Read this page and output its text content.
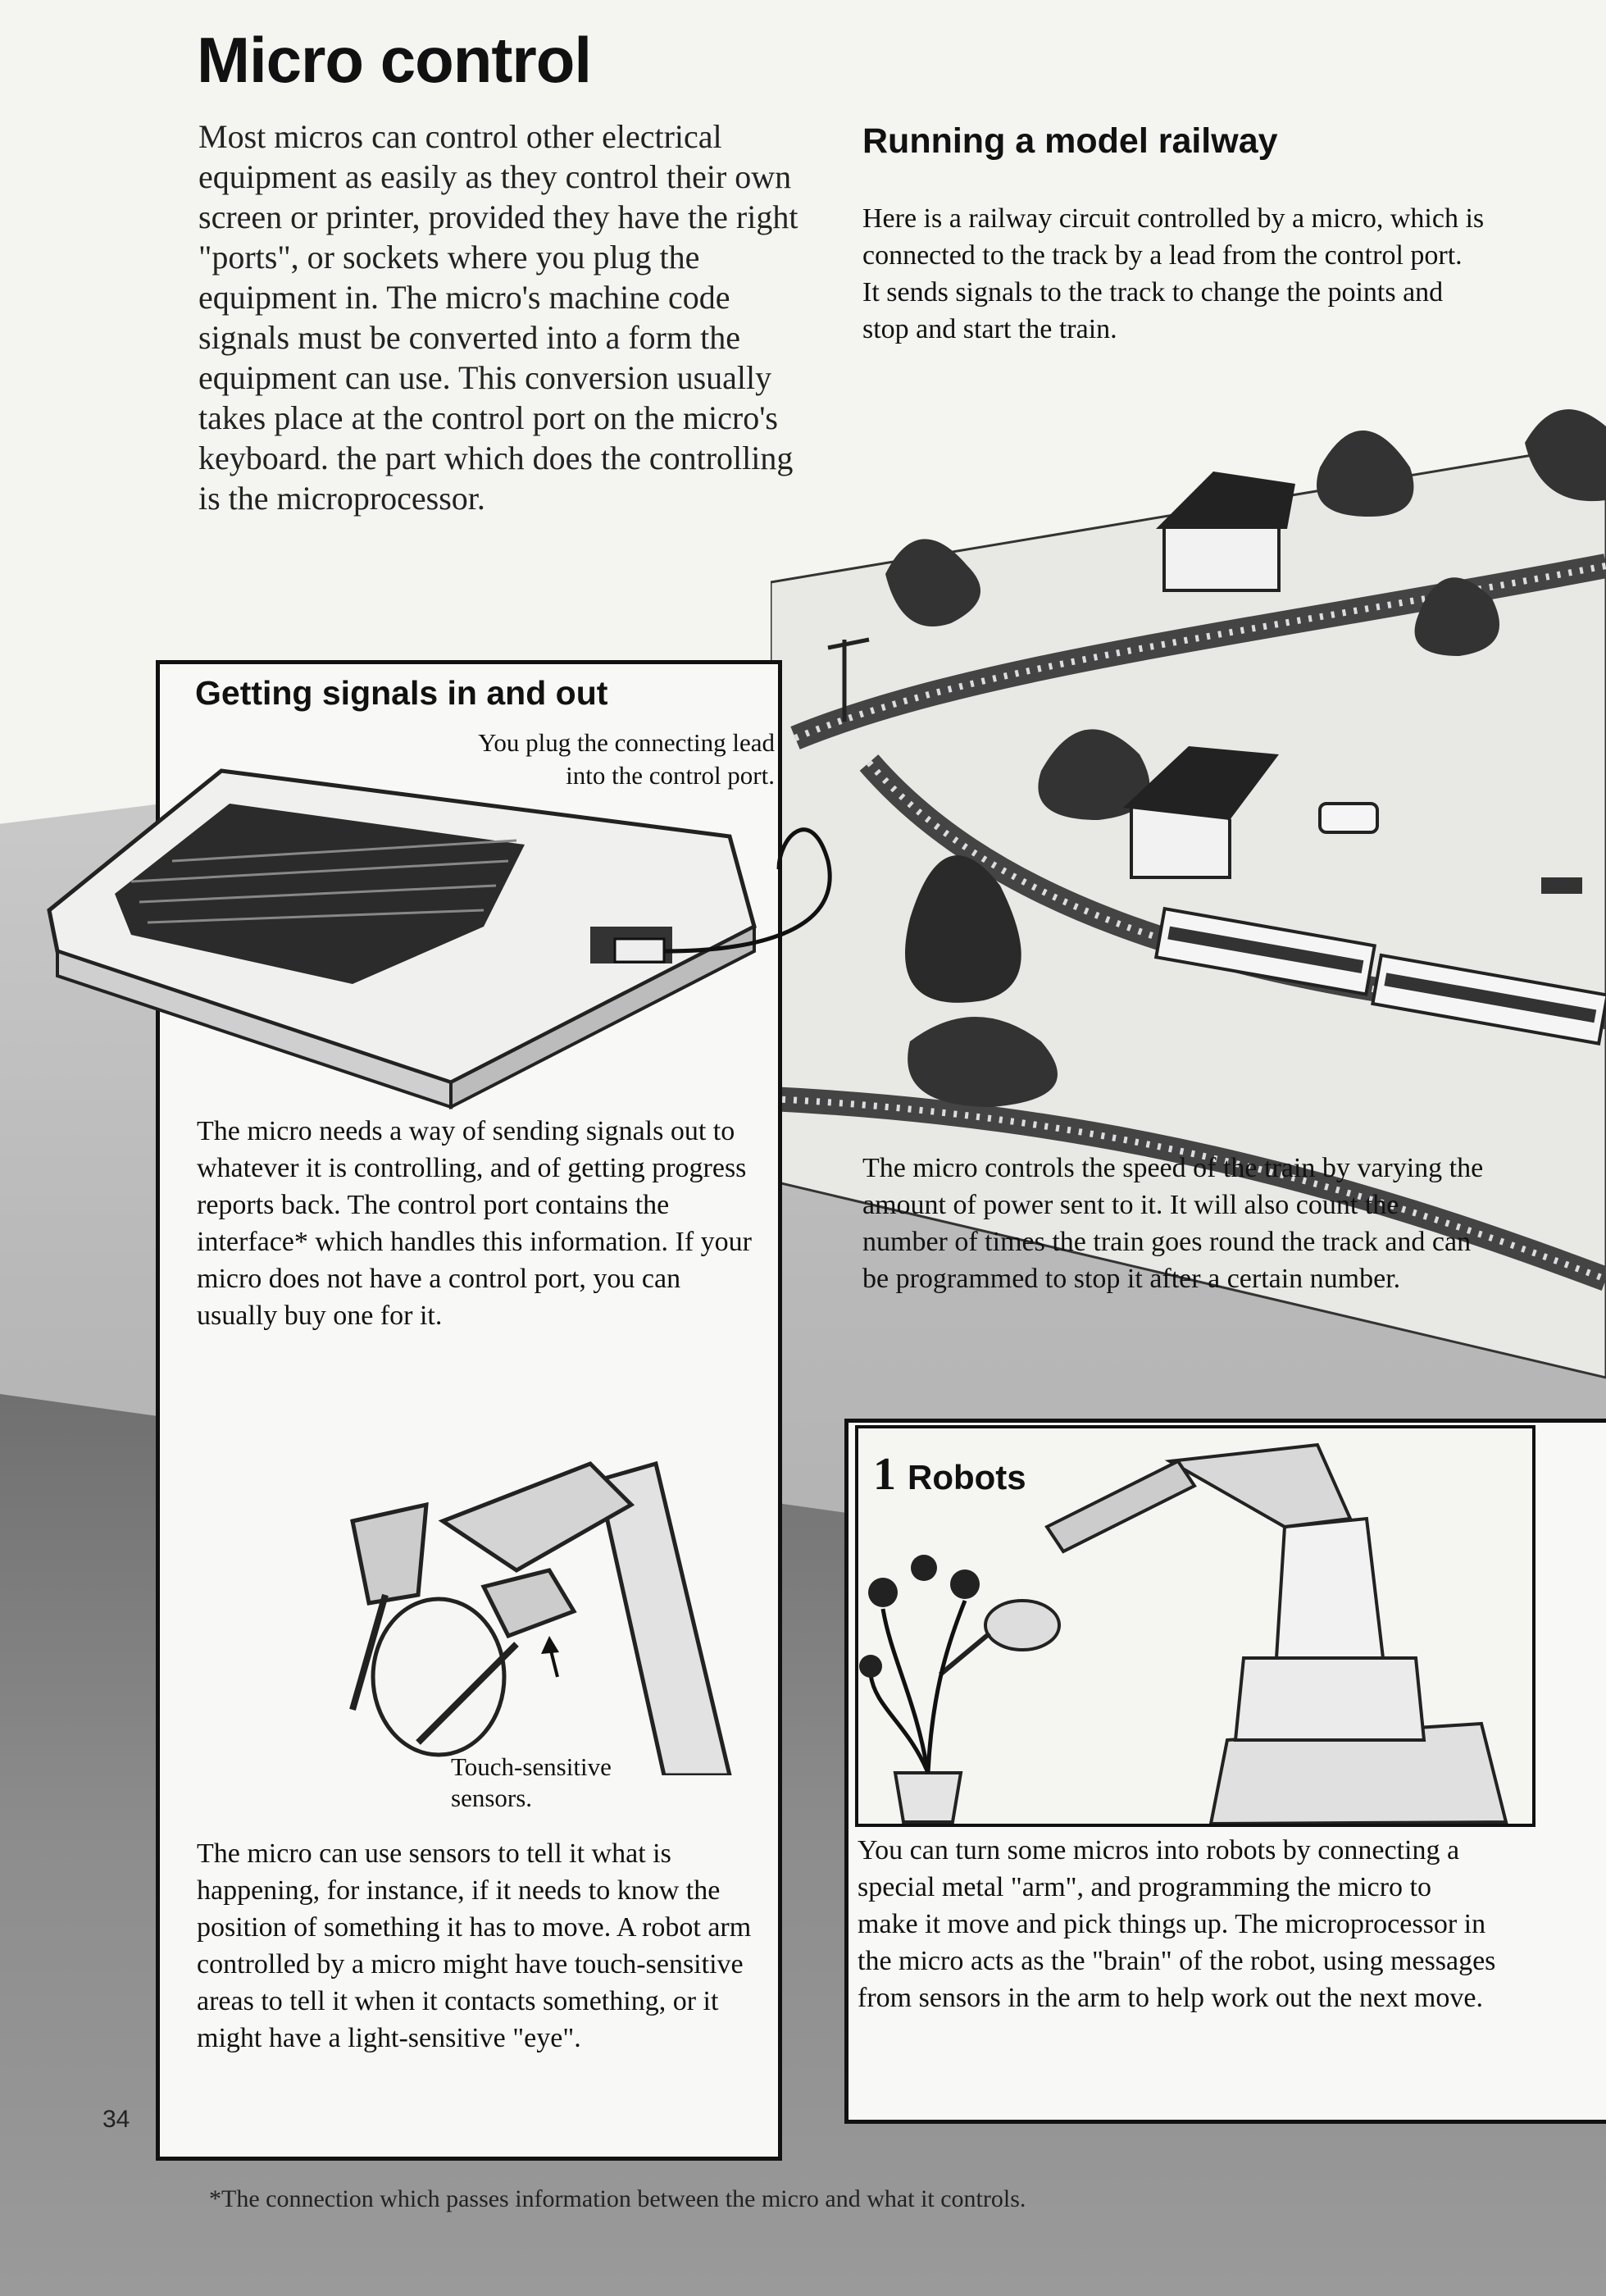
Micro control

Most micros can control other electrical equipment as easily as they control their own screen or printer, provided they have the right "ports", or sockets where you plug the equipment in. The micro's machine code signals must be converted into a form the equipment can use. This conversion usually takes place at the control port on the micro's keyboard. the part which does the controlling is the microprocessor.

Running a model railway

Here is a railway circuit controlled by a micro, which is connected to the track by a lead from the control port. It sends signals to the track to change the points and stop and start the train.

The micro controls the speed of the train by varying the amount of power sent to it. It will also count the number of times the train goes round the track and can be programmed to stop it after a certain number.

Getting signals in and out

You plug the connecting lead into the control port.

The micro needs a way of sending signals out to whatever it is controlling, and of getting progress reports back. The control port contains the interface* which handles this information. If your micro does not have a control port, you can usually buy one for it.

Touch-sensitive sensors.

The micro can use sensors to tell it what is happening, for instance, if it needs to know the position of something it has to move. A robot arm controlled by a micro might have touch-sensitive areas to tell it when it contacts something, or it might have a light-sensitive "eye".

1 Robots

You can turn some micros into robots by connecting a special metal "arm", and programming the micro to make it move and pick things up. The microprocessor in the micro acts as the "brain" of the robot, using messages from sensors in the arm to help work out the next move.

34

*The connection which passes information between the micro and what it controls.
